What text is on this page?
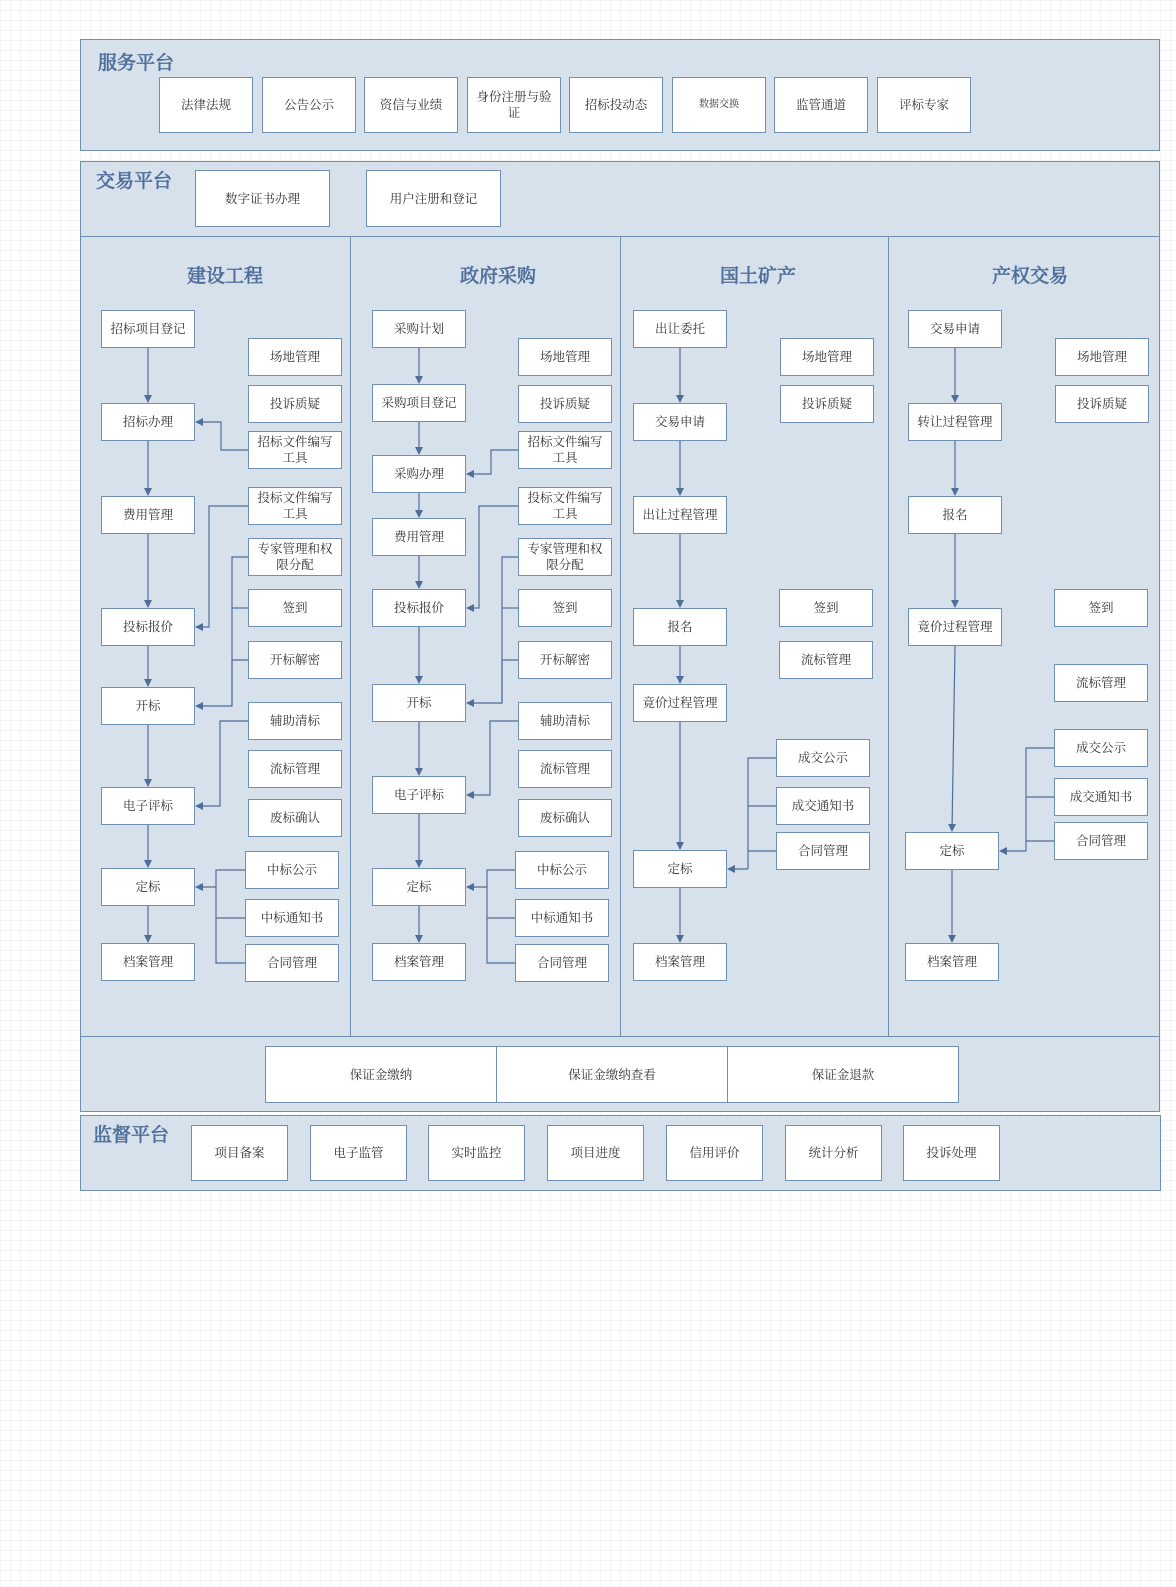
服务平台
法律法规	公告公示	资信与业绩
身份注册与验证
招标投动态	数据交换	监管通道	评标专家
交易平台
数字证书办理	用户注册和登记
建设工程	政府采购	国土矿产	产权交易
招标项目登记
招标办理
费用管理
投标报价
开标
电子评标
定标
档案管理
场地管理
投诉质疑
招标文件编写工具
投标文件编写工具
专家管理和权限分配
签到
开标解密
辅助清标
流标管理
废标确认
中标公示
中标通知书
合同管理
采购计划
采购项目登记
采购办理
费用管理
投标报价
开标
电子评标
定标
档案管理
场地管理
投诉质疑
招标文件编写工具
投标文件编写工具
专家管理和权限分配
签到
开标解密
辅助清标
流标管理
废标确认
中标公示
中标通知书
合同管理
出让委托
交易申请
出让过程管理
报名
竟价过程管理
定标
档案管理
场地管理
投诉质疑
签到
流标管理
成交公示
成交通知书
合同管理
交易申请
转让过程管理
报名
竟价过程管理
定标
档案管理
场地管理
投诉质疑
签到
流标管理
成交公示
成交通知书
合同管理
保证金缴纳	保证金缴纳查看	保证金退款
监督平台
项目备案	电子监管	实时监控	项目进度	信用评价	统计分析	投诉处理
